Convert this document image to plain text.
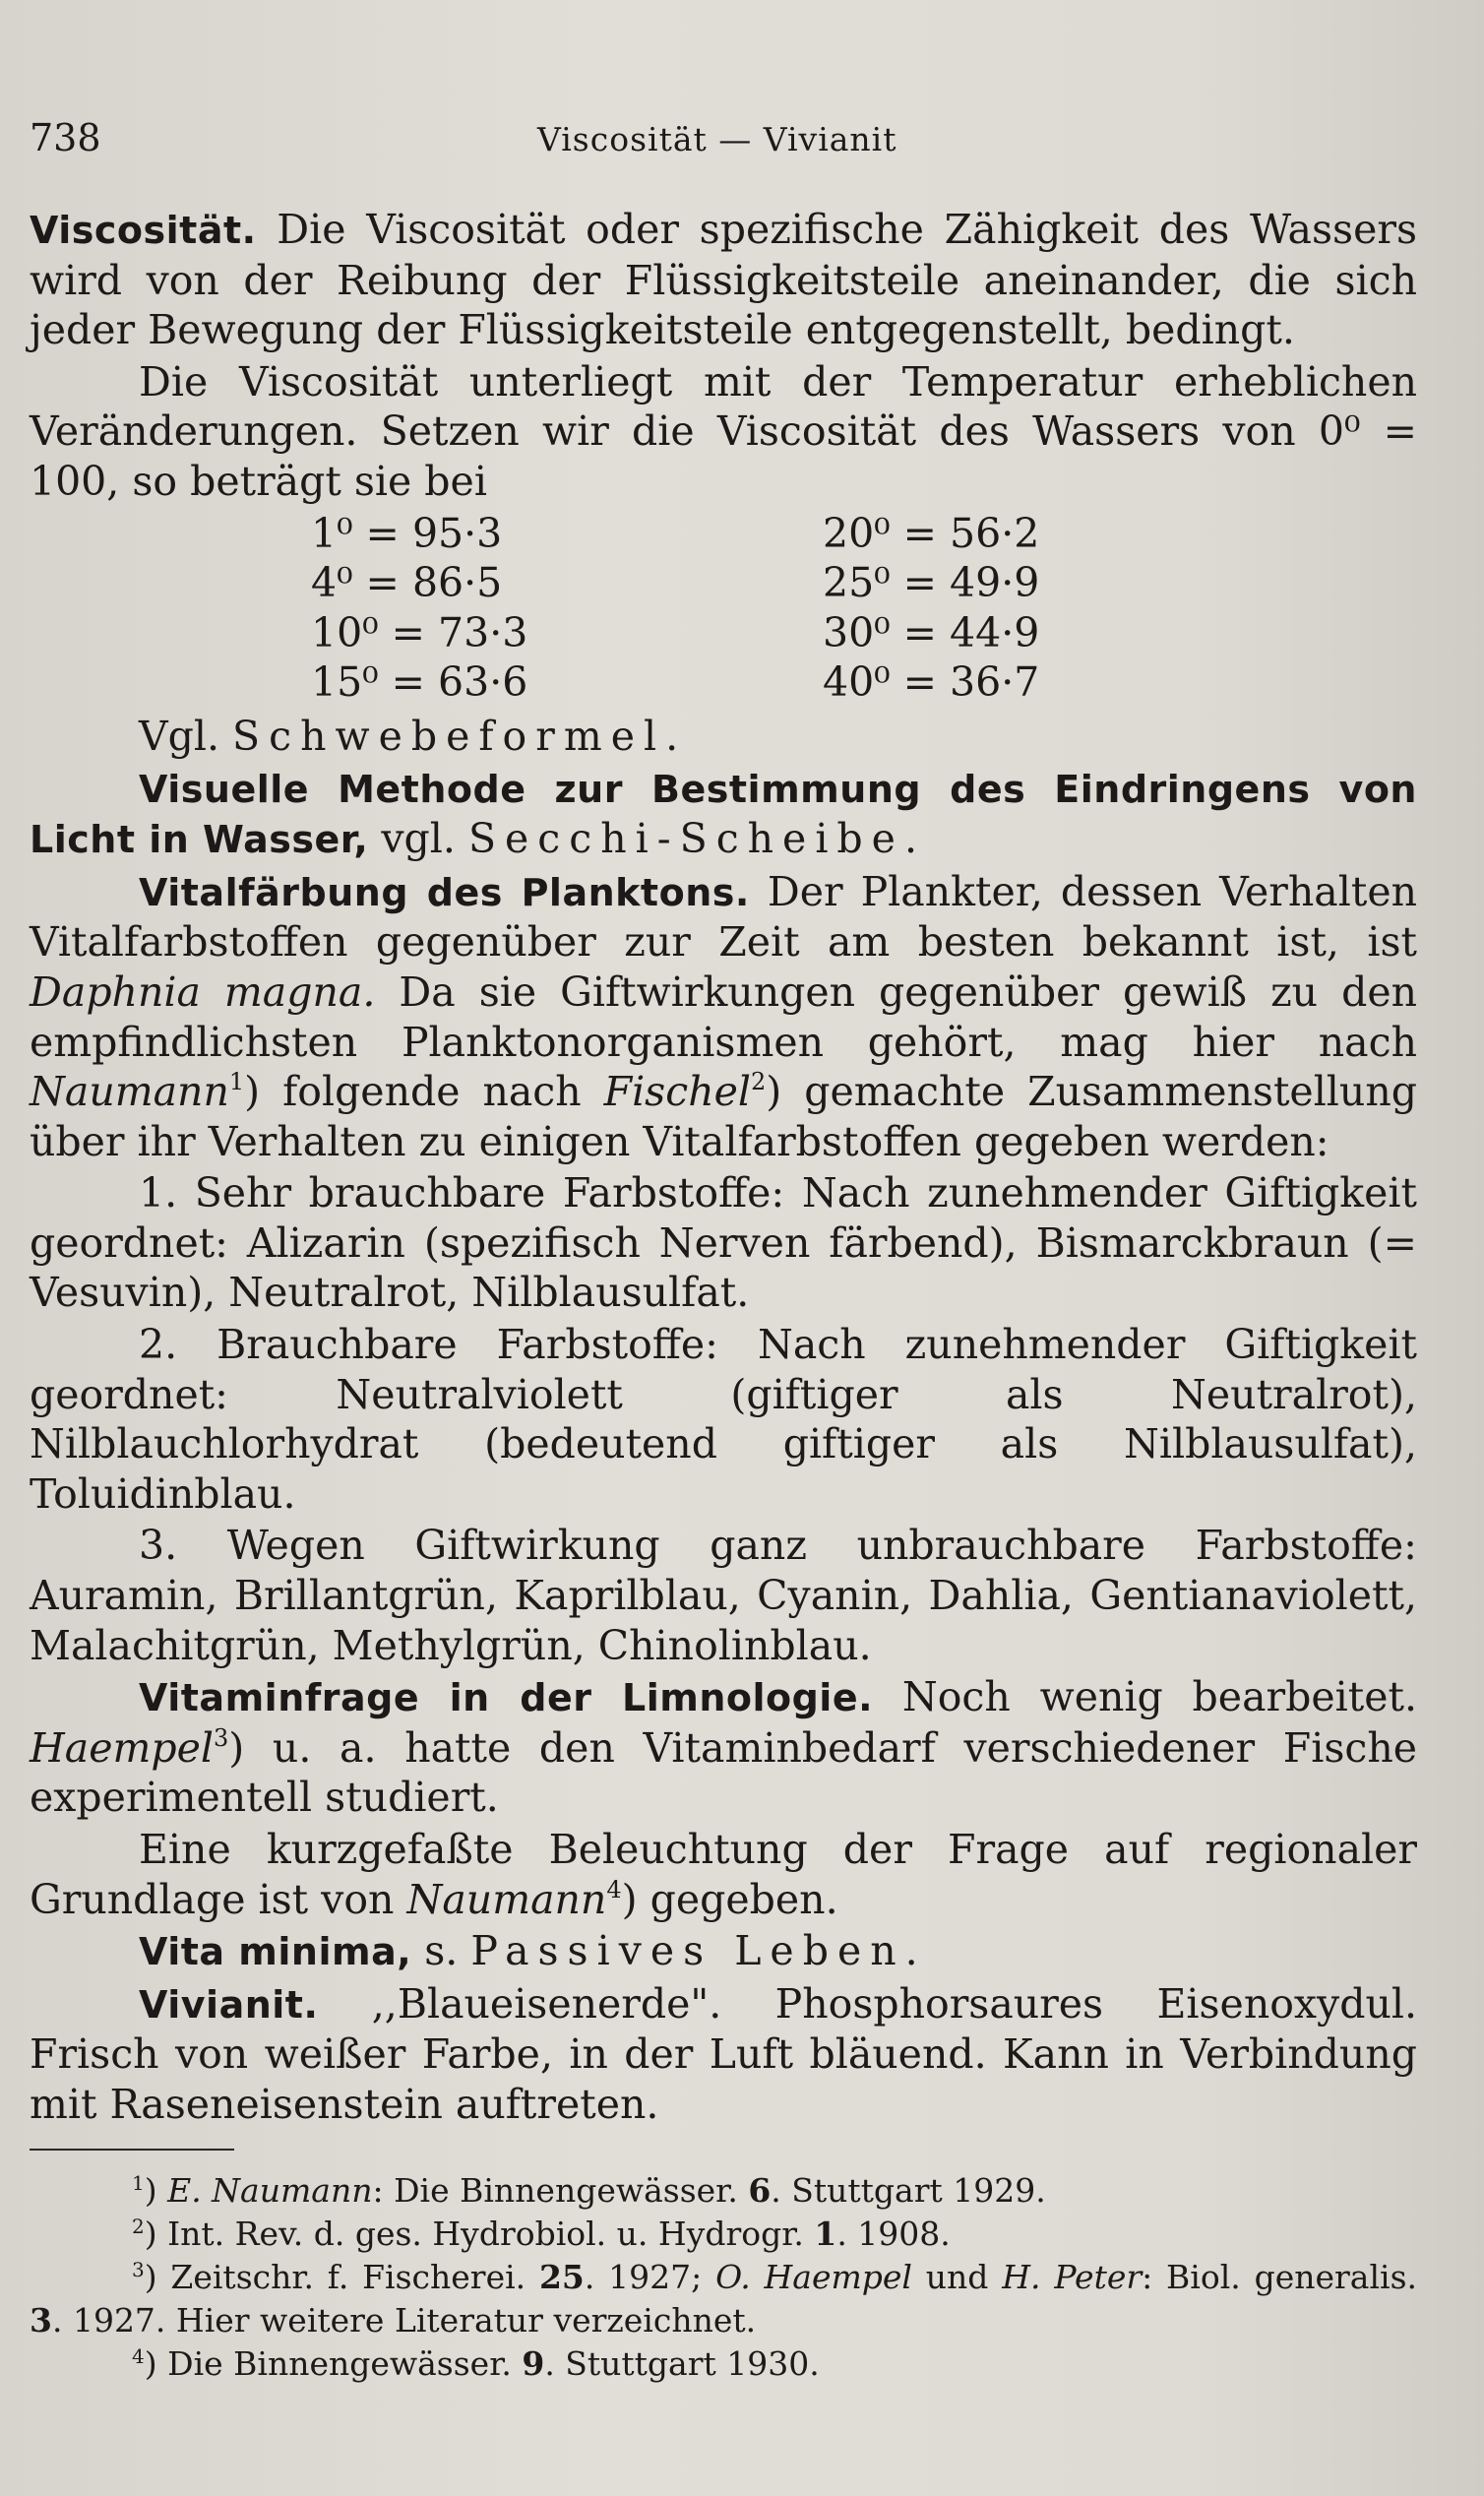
738	Viscosität — Vivianit

Viscosität. Die Viscosität oder spezifische Zähigkeit des Wassers wird von der Reibung der Flüssigkeitsteile aneinander, die sich jeder Bewegung der Flüssigkeitsteile entgegenstellt, bedingt.

Die Viscosität unterliegt mit der Temperatur erheblichen Veränderungen. Setzen wir die Viscosität des Wassers von 0⁰ = 100, so beträgt sie bei

1⁰ = 95·3	20⁰ = 56·2
4⁰ = 86·5	25⁰ = 49·9
10⁰ = 73·3	30⁰ = 44·9
15⁰ = 63·6	40⁰ = 36·7

Vgl. Schwebeformel.

Visuelle Methode zur Bestimmung des Eindringens von Licht in Wasser, vgl. Secchi-Scheibe.

Vitalfärbung des Planktons. Der Plankter, dessen Verhalten Vitalfarbstoffen gegenüber zur Zeit am besten bekannt ist, ist Daphnia magna. Da sie Giftwirkungen gegenüber gewiß zu den empfindlichsten Planktonorganismen gehört, mag hier nach Naumann$^1$) folgende nach Fischel$^2$) gemachte Zusammenstellung über ihr Verhalten zu einigen Vitalfarbstoffen gegeben werden:

1. Sehr brauchbare Farbstoffe: Nach zunehmender Giftigkeit geordnet: Alizarin (spezifisch Nerven färbend), Bismarckbraun (= Vesuvin), Neutralrot, Nilblausulfat.

2. Brauchbare Farbstoffe: Nach zunehmender Giftigkeit geordnet: Neutralviolett (giftiger als Neutralrot), Nilblauchlorhydrat (bedeutend giftiger als Nilblausulfat), Toluidinblau.

3. Wegen Giftwirkung ganz unbrauchbare Farbstoffe: Auramin, Brillantgrün, Kaprilblau, Cyanin, Dahlia, Gentianaviolett, Malachitgrün, Methylgrün, Chinolinblau.

Vitaminfrage in der Limnologie. Noch wenig bearbeitet. Haempel$^3$) u. a. hatte den Vitaminbedarf verschiedener Fische experimentell studiert.

Eine kurzgefaßte Beleuchtung der Frage auf regionaler Grundlage ist von Naumann$^4$) gegeben.

Vita minima, s. Passives Leben.

Vivianit. ,,Blaueisenerde". Phosphorsaures Eisenoxydul. Frisch von weißer Farbe, in der Luft bläuend. Kann in Verbindung mit Raseneisenstein auftreten.

$^1$) E. Naumann: Die Binnengewässer. 6. Stuttgart 1929.

$^2$) Int. Rev. d. ges. Hydrobiol. u. Hydrogr. 1. 1908.

$^3$) Zeitschr. f. Fischerei. 25. 1927; O. Haempel und H. Peter: Biol. generalis. 3. 1927. Hier weitere Literatur verzeichnet.

$^4$) Die Binnengewässer. 9. Stuttgart 1930.
